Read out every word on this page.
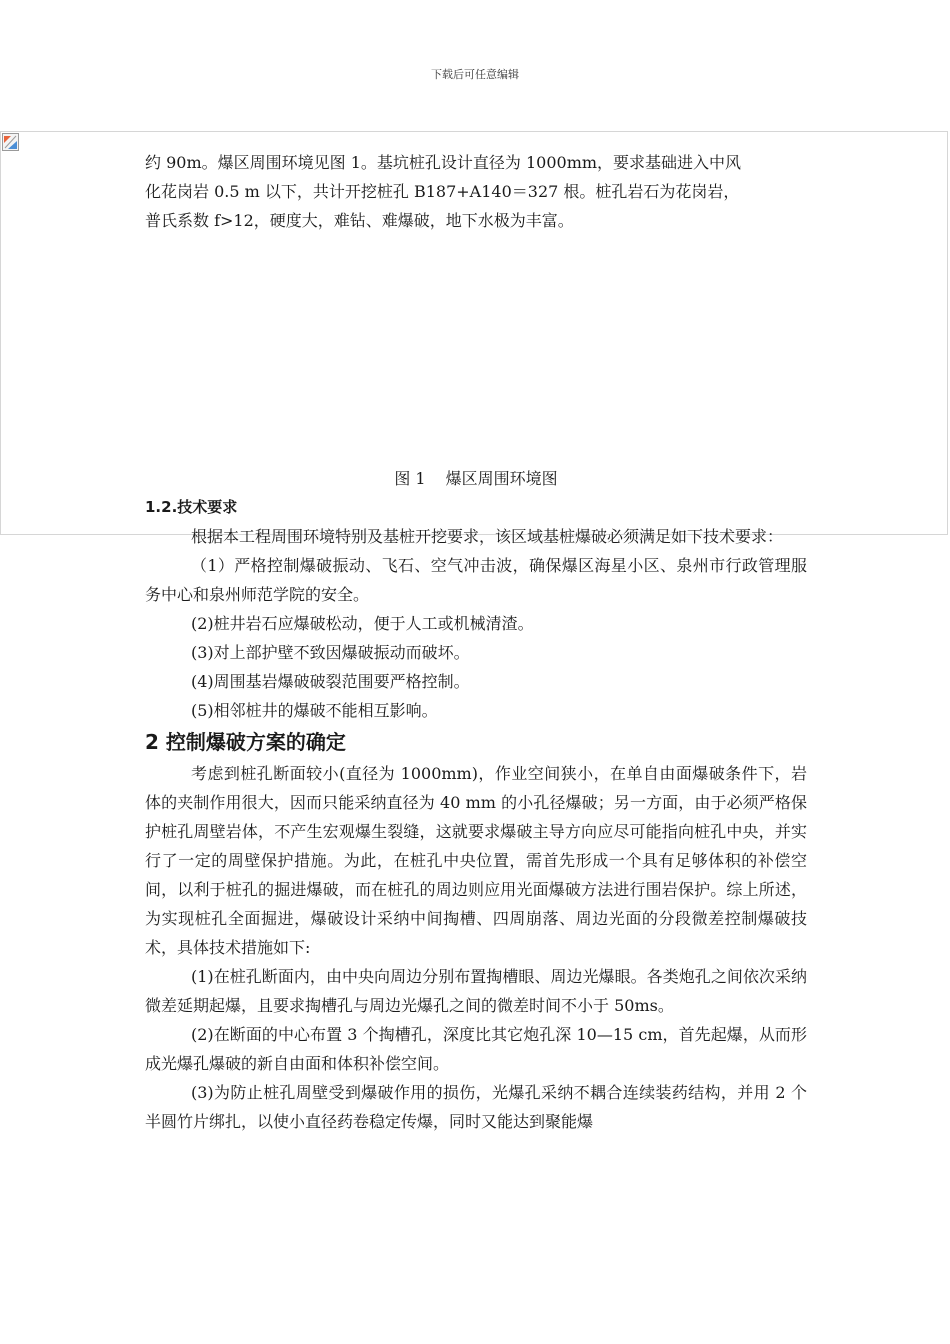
下载后可任意编辑

约 90m。爆区周围环境见图 1。基坑桩孔设计直径为 1000mm，要求基础进入中风

化花岗岩 0.5 m 以下，共计开挖桩孔 B187+A140＝327 根。桩孔岩石为花岗岩，

普氏系数 f>12，硬度大，难钻、难爆破，地下水极为丰富。

图 1 爆区周围环境图

1.2.技术要求

根据本工程周围环境特别及基桩开挖要求，该区域基桩爆破必须满足如下技术要求：

（1）严格控制爆破振动、飞石、空气冲击波，确保爆区海星小区、泉州市行政管理服务中心和泉州师范学院的安全。

(2)桩井岩石应爆破松动，便于人工或机械清渣。

(3)对上部护壁不致因爆破振动而破坏。

(4)周围基岩爆破破裂范围要严格控制。

(5)相邻桩井的爆破不能相互影响。

2 控制爆破方案的确定

考虑到桩孔断面较小(直径为 1000mm)，作业空间狭小，在单自由面爆破条件下，岩体的夹制作用很大，因而只能采纳直径为 40 mm 的小孔径爆破；另一方面，由于必须严格保护桩孔周壁岩体，不产生宏观爆生裂缝，这就要求爆破主导方向应尽可能指向桩孔中央，并实行了一定的周壁保护措施。为此，在桩孔中央位置，需首先形成一个具有足够体积的补偿空间，以利于桩孔的掘进爆破，而在桩孔的周边则应用光面爆破方法进行围岩保护。综上所述，为实现桩孔全面掘进，爆破设计采纳中间掏槽、四周崩落、周边光面的分段微差控制爆破技术，具体技术措施如下:

(1)在桩孔断面内，由中央向周边分别布置掏槽眼、周边光爆眼。各类炮孔之间依次采纳微差延期起爆，且要求掏槽孔与周边光爆孔之间的微差时间不小于 50ms。

(2)在断面的中心布置 3 个掏槽孔，深度比其它炮孔深 10—15 cm，首先起爆，从而形成光爆孔爆破的新自由面和体积补偿空间。

(3)为防止桩孔周壁受到爆破作用的损伤，光爆孔采纳不耦合连续装药结构，并用 2 个半圆竹片绑扎，以使小直径药卷稳定传爆，同时又能达到聚能爆
